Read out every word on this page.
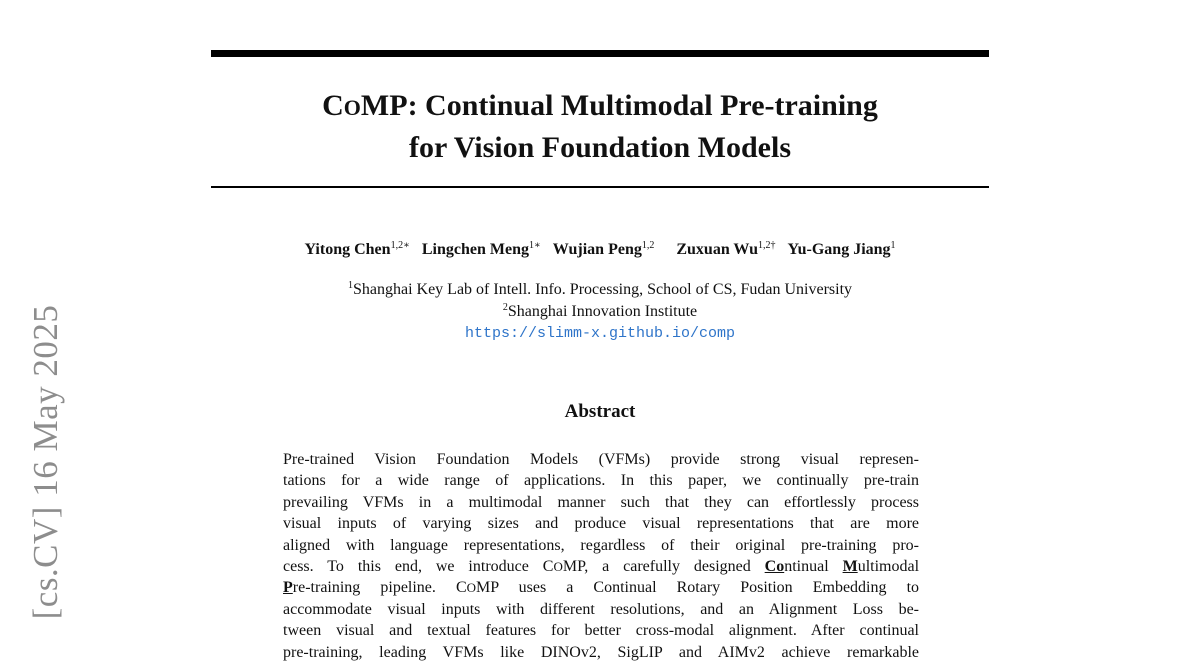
[cs.CV] 16 May 2025
COMP: Continual Multimodal Pre-training
for Vision Foundation Models
Yitong Chen$^{1,2∗}$ Lingchen Meng$^{1∗}$ Wujian Peng$^{1,2}$ Zuxuan $Wu^{1,2\dagger}$ Yu-Gang Jiang$^1$
$^1$Shanghai Key Lab of Intell. Info. Processing, School of CS, Fudan University
$^2$Shanghai Innovation Institute
https://slimm-x.github.io/comp
Abstract
Pre-trained Vision Foundation Models (VFMs) provide strong visual represen-
tations for a wide range of applications. In this paper, we continually pre-train
prevailing VFMs in a multimodal manner such that they can effortlessly process
visual inputs of varying sizes and produce visual representations that are more
aligned with language representations, regardless of their original pre-training pro-
cess. To this end, we introduce COMP, a carefully designed Continual Multimodal
Pre-training pipeline. COMP uses a Continual Rotary Position Embedding to
accommodate visual inputs with different resolutions, and an Alignment Loss be-
tween visual and textual features for better cross-modal alignment. After continual
pre-training, leading VFMs like DINOv2, SigLIP and AIMv2 achieve remarkable
